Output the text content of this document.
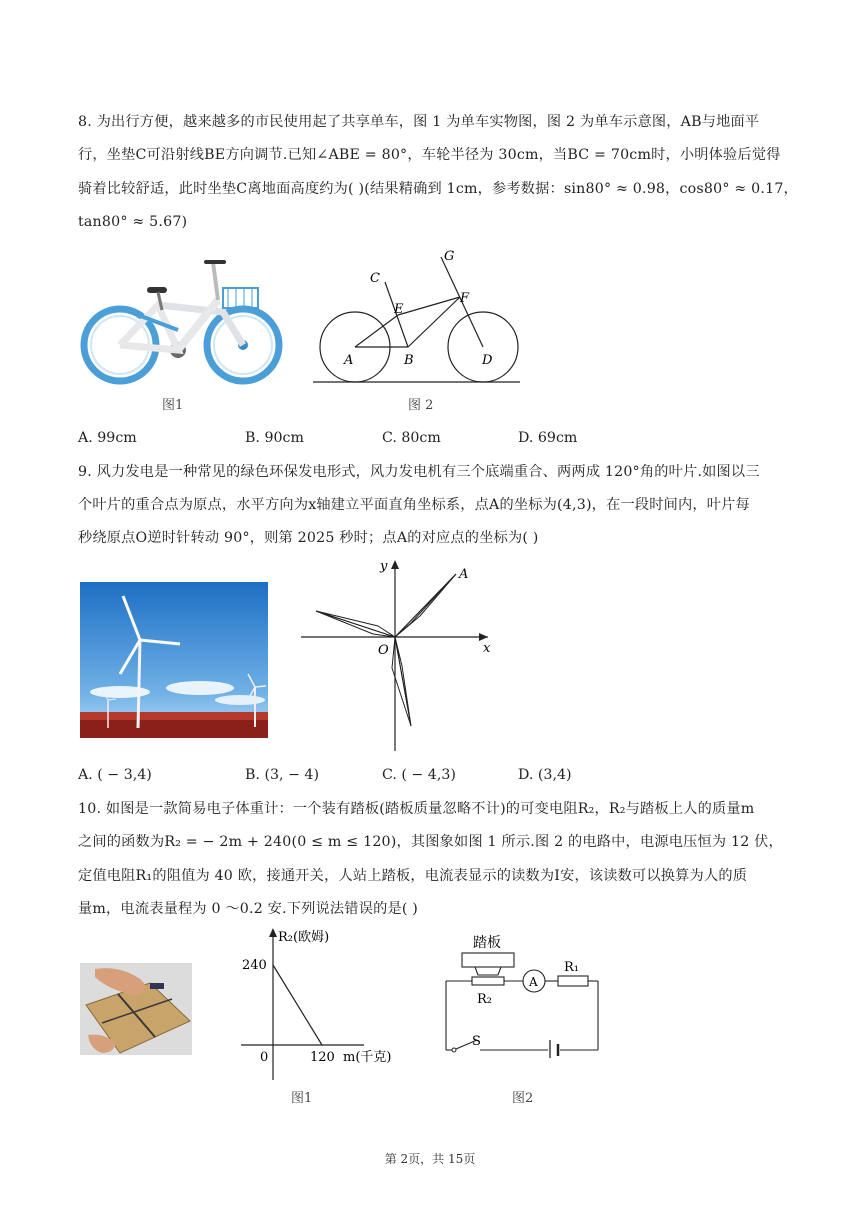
8. 为出行方便，越来越多的市民使用起了共享单车，图 1 为单车实物图，图 2 为单车示意图，AB与地面平
行，坐垫C可沿射线BE方向调节.已知∠ABE = 80°，车轮半径为 30cm，当BC = 70cm时，小明体验后觉得
骑着比较舒适，此时坐垫C离地面高度约为( )(结果精确到 1cm，参考数据：sin80° ≈ 0.98，cos80° ≈ 0.17，
tan80° ≈ 5.67)
图1
C
E
G
F
A	B	D
图 2
A. 99cm	B. 90cm	C. 80cm	D. 69cm
9. 风力发电是一种常见的绿色环保发电形式，风力发电机有三个底端重合、两两成 120°角的叶片.如图以三
个叶片的重合点为原点，水平方向为x轴建立平面直角坐标系，点A的坐标为(4,3)，在一段时间内，叶片每
秒绕原点O逆时针转动 90°，则第 2025 秒时；点A的对应点的坐标为( )
y
x
O
A
A. ( − 3,4)	B. (3, − 4)	C. ( − 4,3)	D. (3,4)
10. 如图是一款简易电子体重计：一个装有踏板(踏板质量忽略不计)的可变电阻R₂，R₂与踏板上人的质量m
之间的函数为R₂ = − 2m + 240(0 ≤ m ≤ 120)，其图象如图 1 所示.图 2 的电路中，电源电压恒为 12 伏，
定值电阻R₁的阻值为 40 欧，接通开关，人站上踏板，电流表显示的读数为I安，该读数可以换算为人的质
量m，电流表量程为 0 ～0.2 安.下列说法错误的是( )
R₂(欧姆)
240
0	120 m(千克)
图1
踏板
A
R₁
R₂
S
图2
第 2页，共 15页
